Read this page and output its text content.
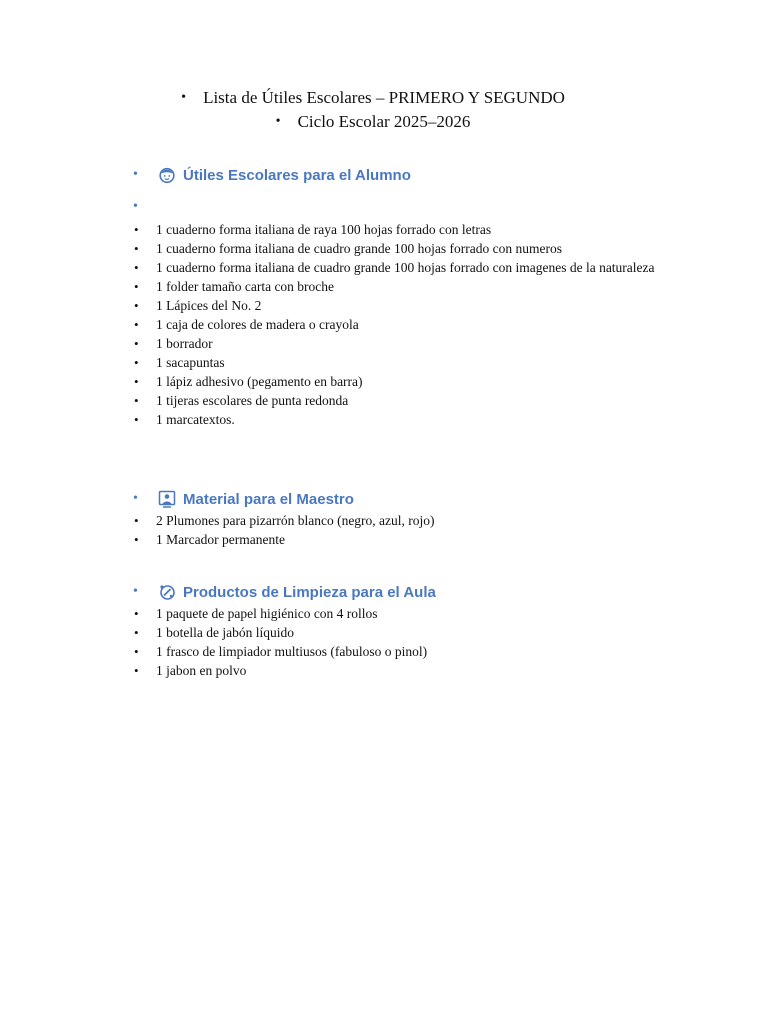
• Lista de Útiles Escolares – PRIMERO Y SEGUNDO
• Ciclo Escolar 2025–2026
•	Útiles Escolares para el Alumno
•
• 1 cuaderno forma italiana de raya 100 hojas forrado con letras
• 1 cuaderno forma italiana de cuadro grande 100 hojas forrado con numeros
• 1 cuaderno forma italiana de cuadro grande 100 hojas forrado con imagenes de la naturaleza
• 1 folder tamaño carta con broche
• 1 Lápices del No. 2
• 1 caja de colores de madera o crayola
• 1 borrador
• 1 sacapuntas
• 1 lápiz adhesivo (pegamento en barra)
• 1 tijeras escolares de punta redonda
• 1 marcatextos.
•	Material para el Maestro
• 2 Plumones para pizarrón blanco (negro, azul, rojo)
• 1 Marcador permanente
•	Productos de Limpieza para el Aula
• 1 paquete de papel higiénico con 4 rollos
• 1 botella de jabón líquido
• 1 frasco de limpiador multiusos (fabuloso o pinol)
• 1 jabon en polvo
